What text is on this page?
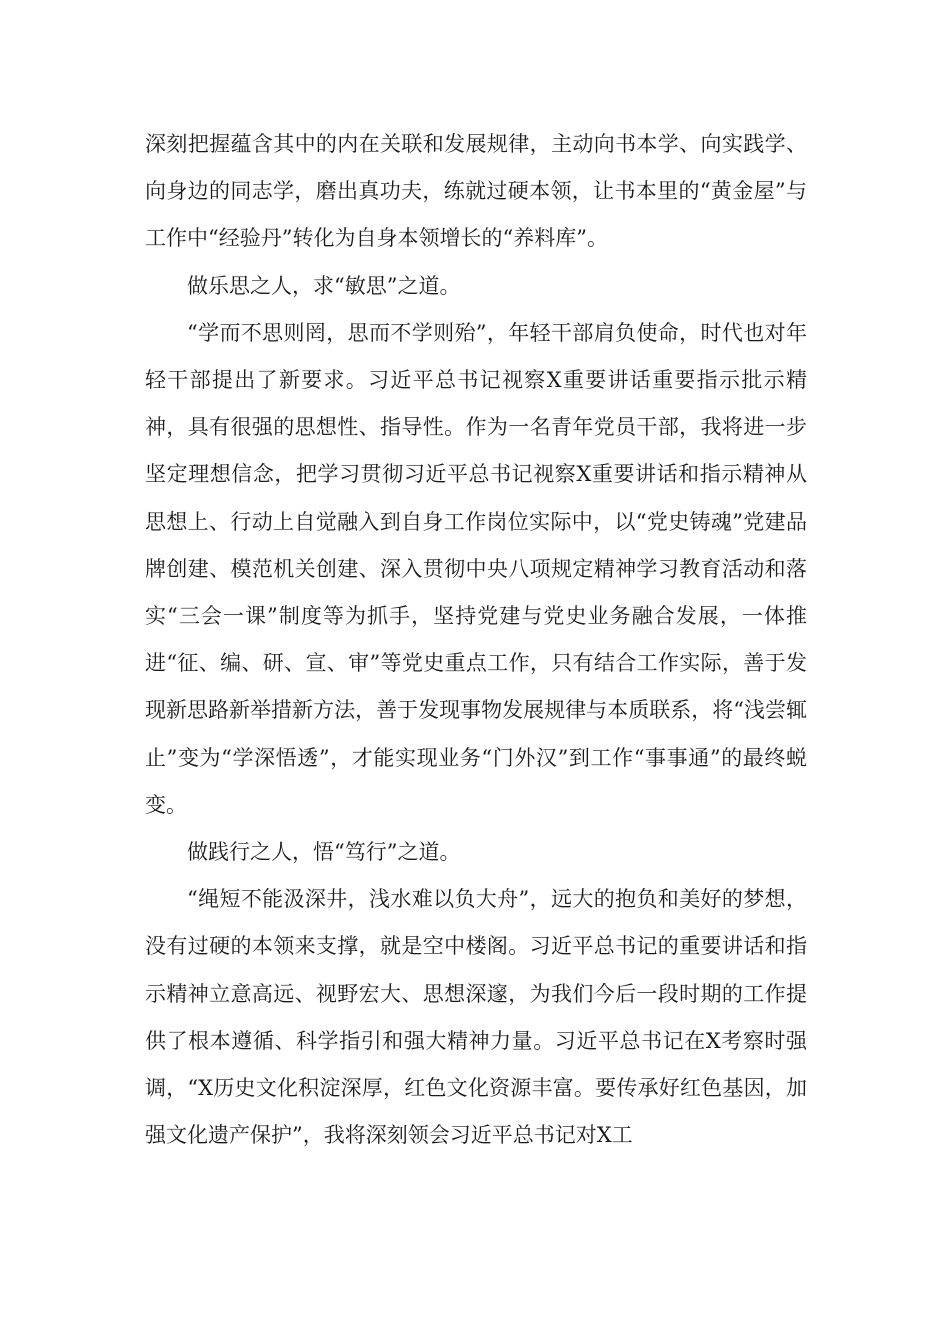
深刻把握蕴含其中的内在关联和发展规律，主动向书本学、向实践学、向身边的同志学，磨出真功夫，练就过硬本领，让书本里的“黄金屋”与工作中“经验丹”转化为自身本领增长的“养料库”。

做乐思之人，求“敏思”之道。

“学而不思则罔，思而不学则殆”，年轻干部肩负使命，时代也对年轻干部提出了新要求。习近平总书记视察X重要讲话重要指示批示精神，具有很强的思想性、指导性。作为一名青年党员干部，我将进一步坚定理想信念，把学习贯彻习近平总书记视察X重要讲话和指示精神从思想上、行动上自觉融入到自身工作岗位实际中，以“党史铸魂”党建品牌创建、模范机关创建、深入贯彻中央八项规定精神学习教育活动和落实“三会一课”制度等为抓手，坚持党建与党史业务融合发展，一体推进“征、编、研、宣、审”等党史重点工作，只有结合工作实际，善于发现新思路新举措新方法，善于发现事物发展规律与本质联系，将“浅尝辄止”变为“学深悟透”，才能实现业务“门外汉”到工作“事事通”的最终蜕变。

做践行之人，悟“笃行”之道。

“绳短不能汲深井，浅水难以负大舟”，远大的抱负和美好的梦想，没有过硬的本领来支撑，就是空中楼阁。习近平总书记的重要讲话和指示精神立意高远、视野宏大、思想深邃，为我们今后一段时期的工作提供了根本遵循、科学指引和强大精神力量。习近平总书记在X考察时强调，“X历史文化积淀深厚，红色文化资源丰富。要传承好红色基因，加强文化遗产保护”，我将深刻领会习近平总书记对X工
